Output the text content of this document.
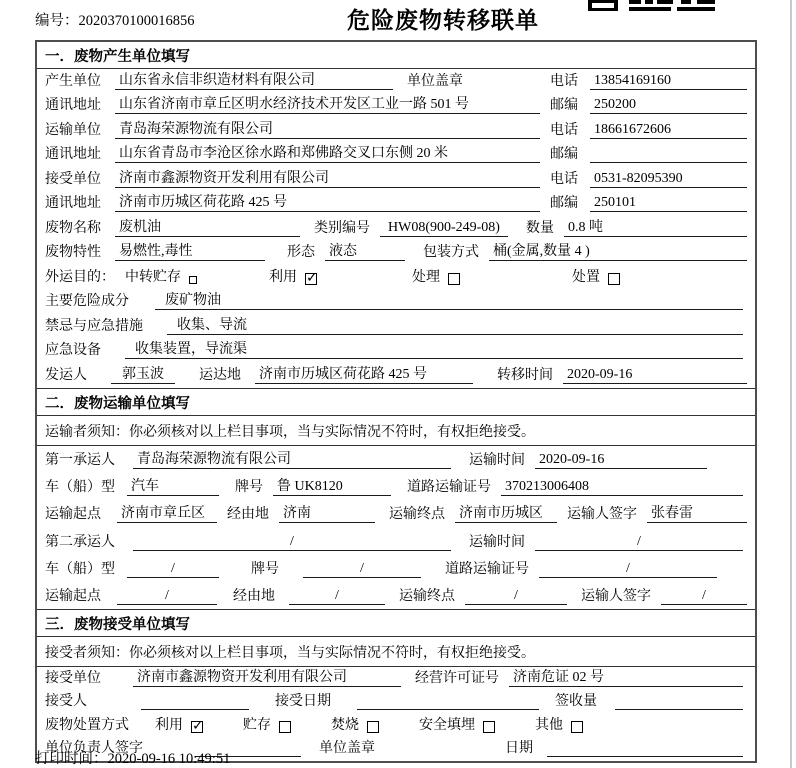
编号：2020370100016856	危险废物转移联单
一．废物产生单位填写
产生单位	山东省永信非织造材料有限公司	单位盖章	电话	13854169160
通讯地址	山东省济南市章丘区明水经济技术开发区工业一路 501 号	邮编	250200
运输单位	青岛海荣源物流有限公司	电话	18661672606
通讯地址	山东省青岛市李沧区徐水路和郑佛路交叉口东侧 20 米	邮编
接受单位	济南市鑫源物资开发利用有限公司	电话	0531-82095390
通讯地址	济南市历城区荷花路 425 号	邮编	250101
废物名称	废机油	类别编号	HW08(900-249-08)	数量 0.8 吨
废物特性	易燃性,毒性	形态 液态	包装方式 桶(金属,数量 4 )
外运目的： 中转贮存	利用 ✓	处理	处置
主要危险成分	废矿物油
禁忌与应急措施	收集、导流
应急设备	收集装置，导流渠
发运人	郭玉波	运达地 济南市历城区荷花路 425 号	转移时间 2020-09-16
二．废物运输单位填写
运输者须知：你必须核对以上栏目事项，当与实际情况不符时，有权拒绝接受。
第一承运人	青岛海荣源物流有限公司	运输时间 2020-09-16
车（船）型	汽车	牌号 鲁 UK8120	道路运输证号 370213006408
运输起点	济南市章丘区	经由地 济南	运输终点 济南市历城区	运输人签字 张春雷
第二承运人	/	运输时间	/
车（船）型	/	牌号	/	道路运输证号	/
运输起点	/	经由地	/	运输终点	/	运输人签字	/
三．废物接受单位填写
接受者须知：你必须核对以上栏目事项，当与实际情况不符时，有权拒绝接受。
接受单位	济南市鑫源物资开发利用有限公司	经营许可证号 济南危证 02 号
接受人	接受日期	签收量
废物处置方式	利用 ✓	贮存	焚烧	安全填埋	其他
单位负责人签字	单位盖章	日期
打印时间：2020-09-16 10:49:51
